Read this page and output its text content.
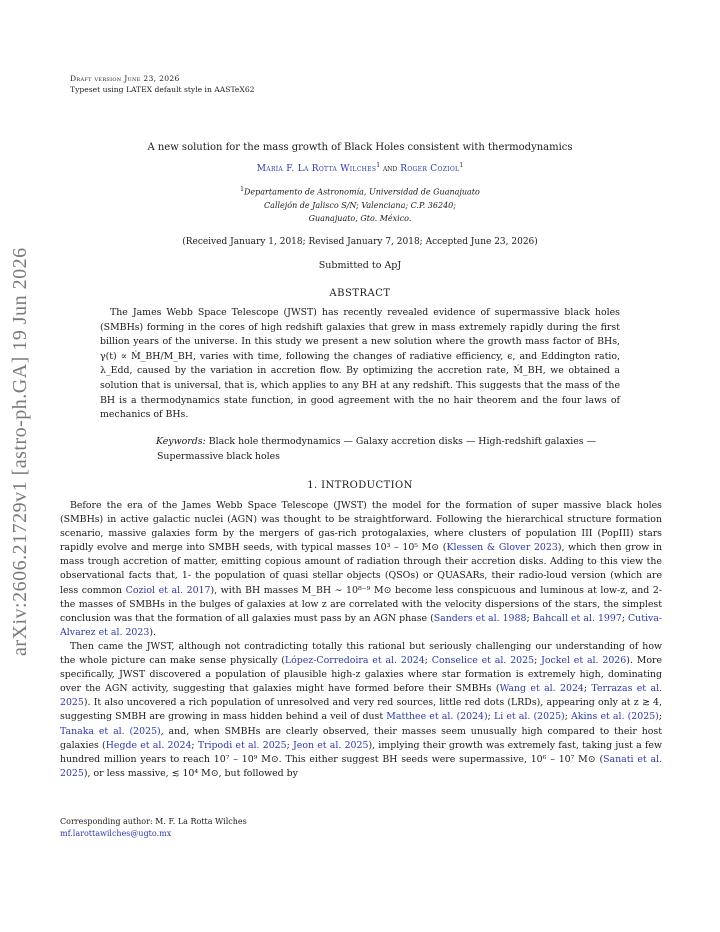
arXiv:2606.21729v1 [astro-ph.GA] 19 Jun 2026
Draft version June 23, 2026
Typeset using LATEX default style in AASTeX62
A new solution for the mass growth of Black Holes consistent with thermodynamics
María F. La Rotta Wilches$^1$ and Roger Coziol$^1$
$^1$Departamento de Astronomía, Universidad de Guanajuato
Callejón de Jalisco S/N; Valenciana; C.P. 36240;
Guanajuato, Gto. México.
(Received January 1, 2018; Revised January 7, 2018; Accepted June 23, 2026)
Submitted to ApJ
ABSTRACT
The James Webb Space Telescope (JWST) has recently revealed evidence of supermassive black holes (SMBHs) forming in the cores of high redshift galaxies that grew in mass extremely rapidly during the first billion years of the universe. In this study we present a new solution where the growth mass factor of BHs, γ(t) ∝ Ṁ_BH/M_BH, varies with time, following the changes of radiative efficiency, ϵ, and Eddington ratio, λ_Edd, caused by the variation in accretion flow. By optimizing the accretion rate, Ṁ_BH, we obtained a solution that is universal, that is, which applies to any BH at any redshift. This suggests that the mass of the BH is a thermodynamics state function, in good agreement with the no hair theorem and the four laws of mechanics of BHs.
Keywords: Black hole thermodynamics — Galaxy accretion disks — High-redshift galaxies — Supermassive black holes
1. INTRODUCTION

Before the era of the James Webb Space Telescope (JWST) the model for the formation of super massive black holes (SMBHs) in active galactic nuclei (AGN) was thought to be straightforward. Following the hierarchical structure formation scenario, massive galaxies form by the mergers of gas-rich protogalaxies, where clusters of population III (PopIII) stars rapidly evolve and merge into SMBH seeds, with typical masses 10³ – 10⁵ M⊙ (Klessen & Glover 2023), which then grow in mass trough accretion of matter, emitting copious amount of radiation through their accretion disks. Adding to this view the observational facts that, 1- the population of quasi stellar objects (QSOs) or QUASARs, their radio-loud version (which are less common Coziol et al. 2017), with BH masses M_BH ∼ 10⁸⁻⁹ M⊙ become less conspicuous and luminous at low-z, and 2- the masses of SMBHs in the bulges of galaxies at low z are correlated with the velocity dispersions of the stars, the simplest conclusion was that the formation of all galaxies must pass by an AGN phase (Sanders et al. 1988; Bahcall et al. 1997; Cutiva-Alvarez et al. 2023).

Then came the JWST, although not contradicting totally this rational but seriously challenging our understanding of how the whole picture can make sense physically (López-Corredoira et al. 2024; Conselice et al. 2025; Jockel et al. 2026). More specifically, JWST discovered a population of plausible high-z galaxies where star formation is extremely high, dominating over the AGN activity, suggesting that galaxies might have formed before their SMBHs (Wang et al. 2024; Terrazas et al. 2025). It also uncovered a rich population of unresolved and very red sources, little red dots (LRDs), appearing only at z ≳ 4, suggesting SMBH are growing in mass hidden behind a veil of dust Matthee et al. (2024); Li et al. (2025); Akins et al. (2025); Tanaka et al. (2025), and, when SMBHs are clearly observed, their masses seem unusually high compared to their host galaxies (Hegde et al. 2024; Tripodi et al. 2025; Jeon et al. 2025), implying their growth was extremely fast, taking just a few hundred million years to reach 10⁷ – 10⁹ M⊙. This either suggest BH seeds were supermassive, 10⁶ – 10⁷ M⊙ (Sanati et al. 2025), or less massive, ≲ 10⁴ M⊙, but followed by

Corresponding author: M. F. La Rotta Wilches
mf.larottawilches@ugto.mx
